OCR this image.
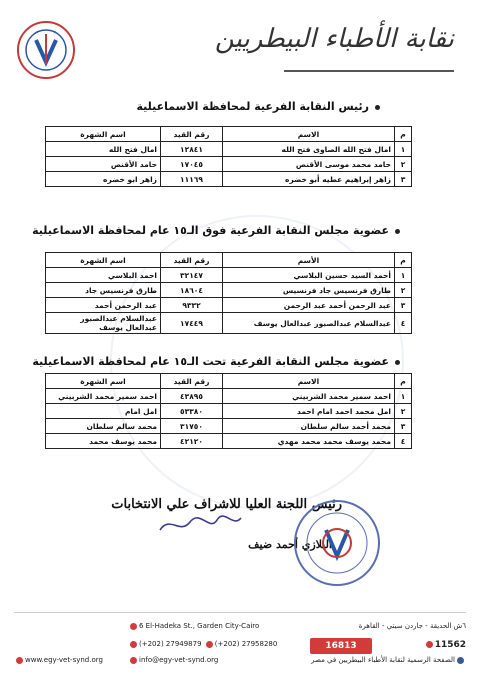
نقابة الأطباء البيطريين
رئيس النقابة الفرعية لمحافظة الاسماعيلية
م	الاسم	رقم القيد	اسم الشهرة
١	امال فتح الله الصاوى فتح الله	١٢٨٤١	امال فتح الله
٢	حامد محمد موسى الأقنص	١٧٠٤٥	حامد الأقنص
٣	زاهر إبراهيم عطيه أبو خضره	١١١٦٩	زاهر ابو خضره
عضوية مجلس النقابة الفرعية فوق الـ١٥ عام لمحافظة الاسماعيلية
م	الأسم	رقم القيد	اسم الشهرة
١	أحمد السيد حسين البلاسي	٣٢١٤٧	احمد البلاسي
٢	طارق فرنسيس جاد فرنسيس	١٨٦٠٤	طارق فرنسيس جاد
٣	عبد الرحمن أحمد عبد الرحمن	٩٣٣٢	عبد الرحمن أحمد
٤	عبدالسلام عبدالصبور عبدالعال يوسف	١٧٤٤٩	عبدالسلام عبدالصبور عبدالعال يوسف
عضوية مجلس النقابة الفرعية تحت الـ١٥ عام لمحافظة الاسماعيلية
م	الاسم	رقم القيد	اسم الشهرة
١	احمد سمير محمد الشربيني	٤٣٨٩٥	احمد سمير محمد الشربيني
٢	امل محمد احمد امام احمد	٥٣٣٨٠	امل امام
٣	محمد أحمد سالم سلطان	٣١٧٥٠	محمد سالم سلطان
٤	محمد يوسف محمد محمد مهدي	٤٢١٢٠	محمد يوسف محمد
رئيس اللجنة العليا للاشراف علي الانتخابات
البلازي أحمد ضيف
6 El-Hadeka St., Garden City-Cairo
(+202) 27949879 (+202) 27958280
info@egy-vet-synd.org
www.egy-vet-synd.org
٦ش الحديقة - جاردن سيتي - القاهرة
16813	11562
الصفحة الرسمية لنقابة الأطباء البيطريين في مصر
